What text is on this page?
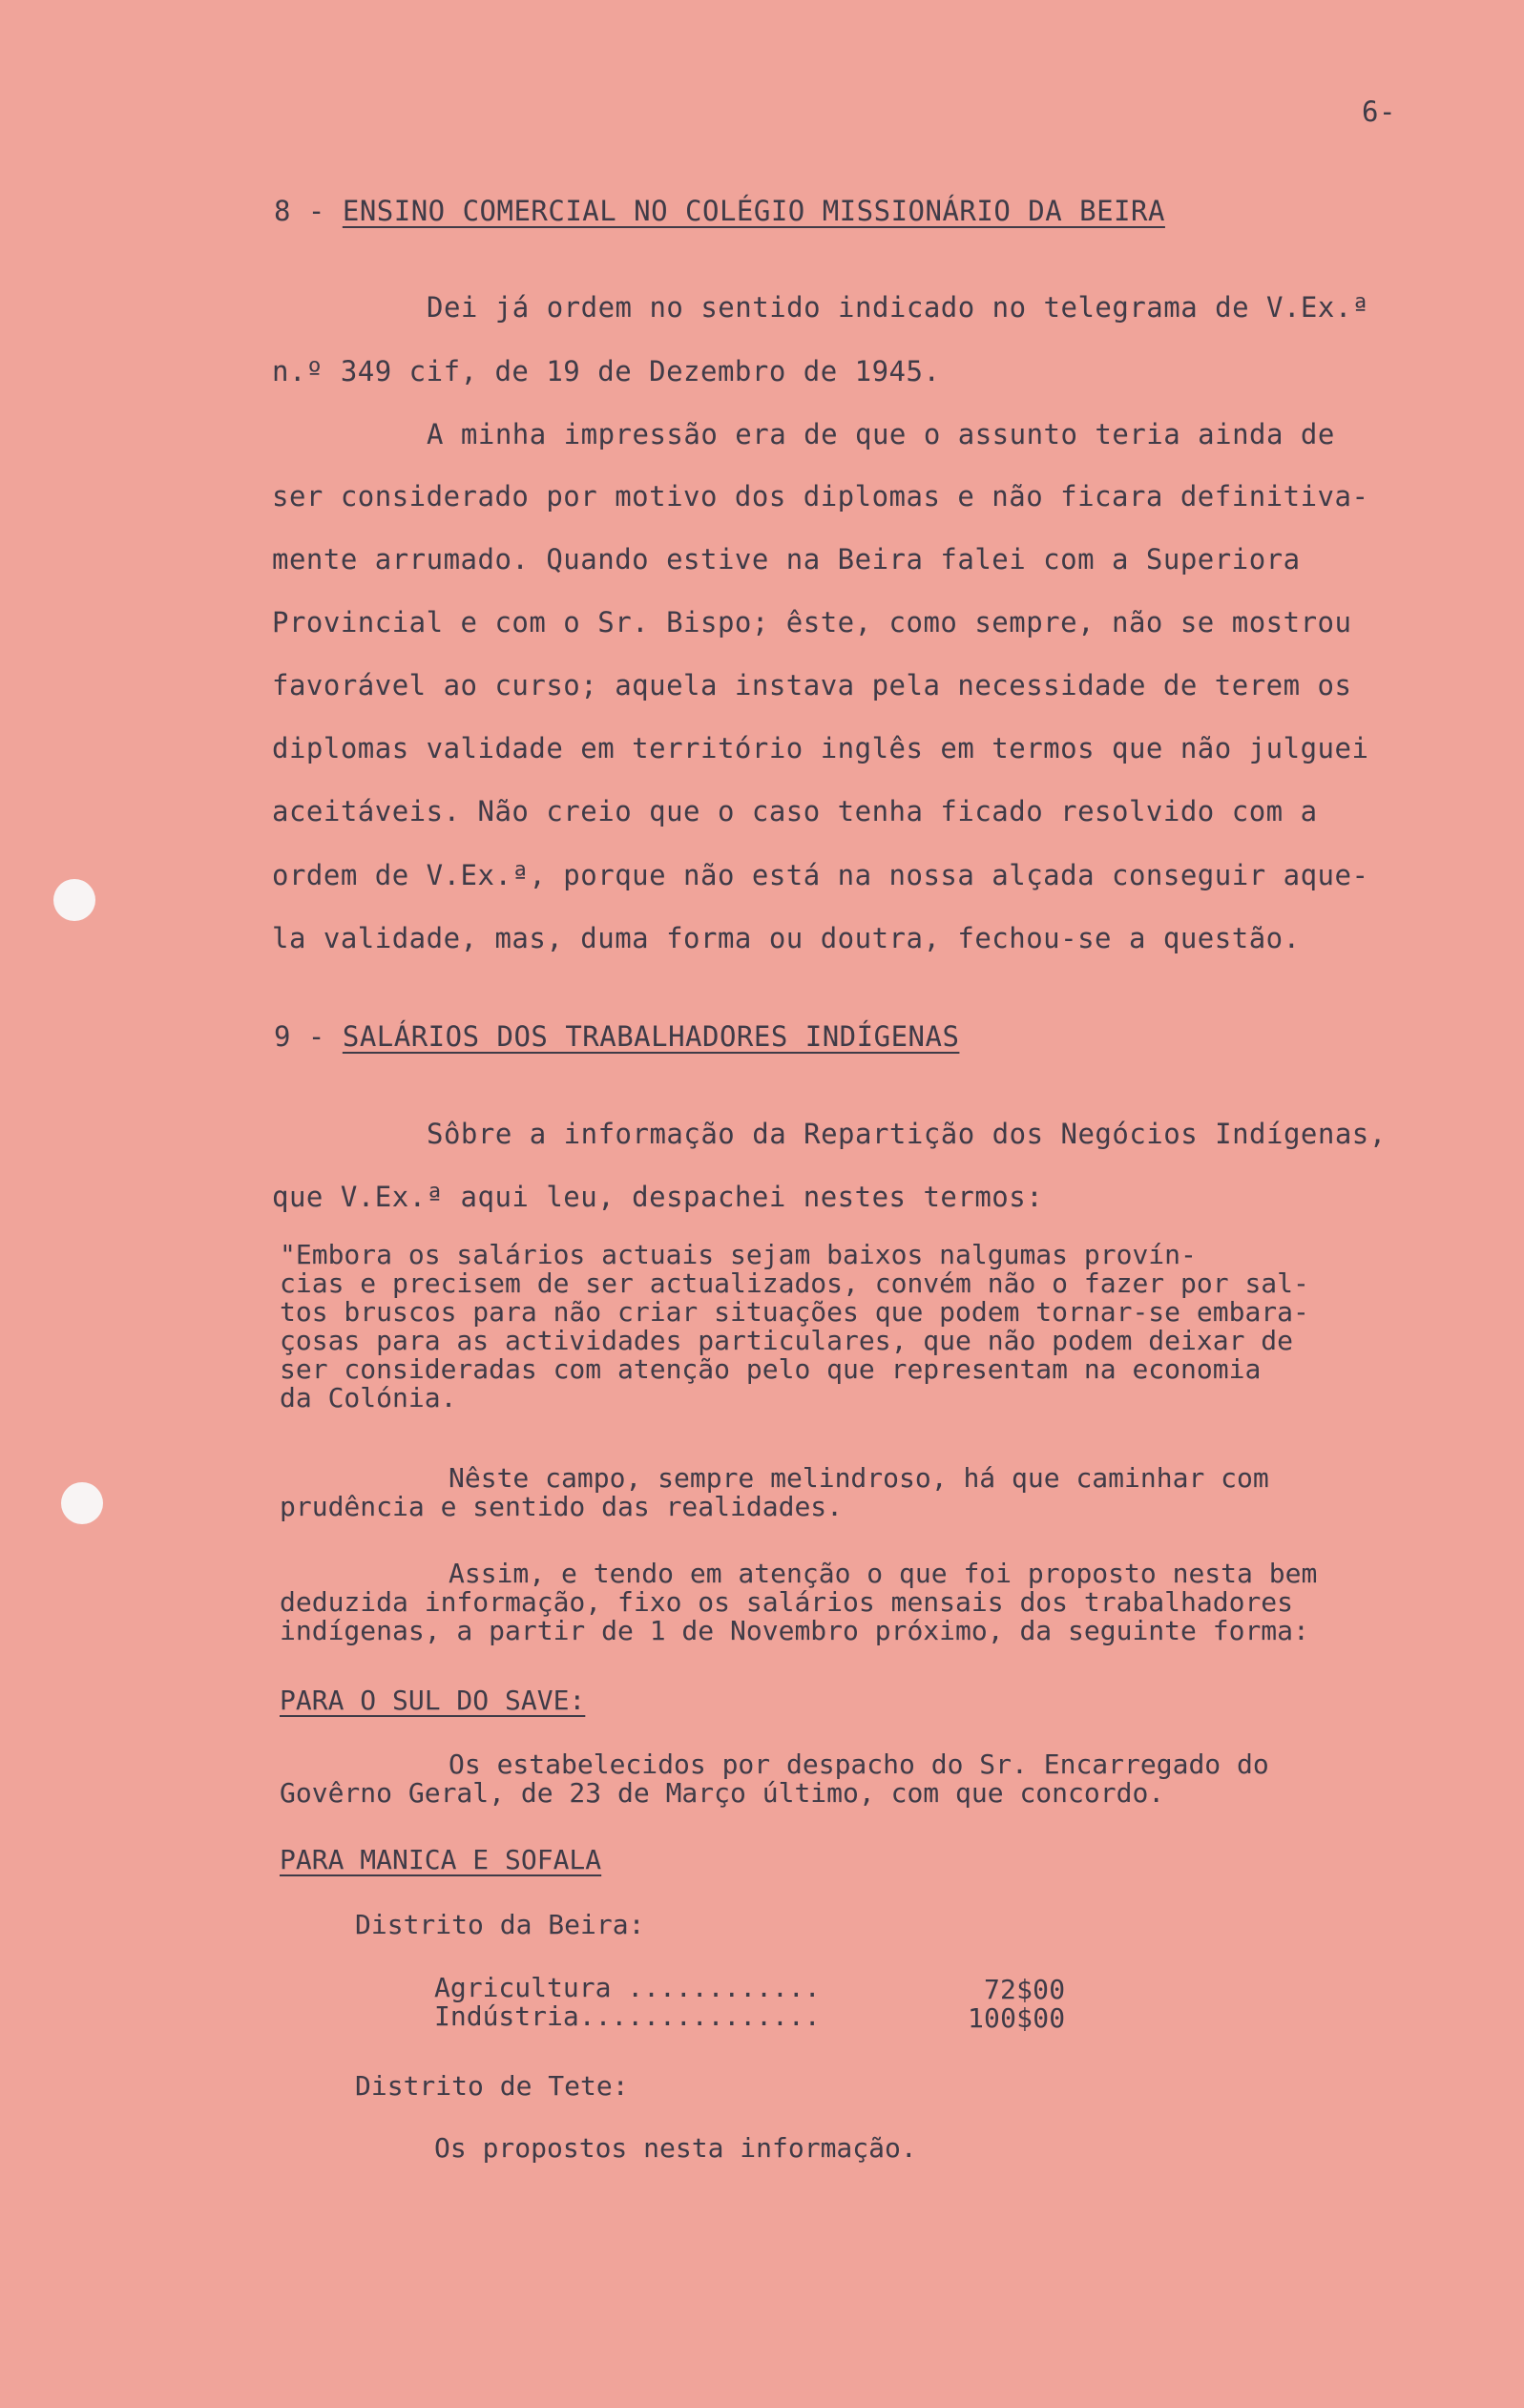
6-
8 - ENSINO COMERCIAL NO COLÉGIO MISSIONÁRIO DA BEIRA
Dei já ordem no sentido indicado no telegrama de V.Ex.ª
n.º 349 cif, de 19 de Dezembro de 1945.
A minha impressão era de que o assunto teria ainda de
ser considerado por motivo dos diplomas e não ficara definitiva-
mente arrumado. Quando estive na Beira falei com a Superiora
Provincial e com o Sr. Bispo; êste, como sempre, não se mostrou
favorável ao curso; aquela instava pela necessidade de terem os
diplomas validade em território inglês em termos que não julguei
aceitáveis. Não creio que o caso tenha ficado resolvido com a
ordem de V.Ex.ª, porque não está na nossa alçada conseguir aque-
la validade, mas, duma forma ou doutra, fechou-se a questão.
9 - SALÁRIOS DOS TRABALHADORES INDÍGENAS
Sôbre a informação da Repartição dos Negócios Indígenas,
que V.Ex.ª aqui leu, despachei nestes termos:
"Embora os salários actuais sejam baixos nalgumas provín-
cias e precisem de ser actualizados, convém não o fazer por sal-
tos bruscos para não criar situações que podem tornar-se embara-
çosas para as actividades particulares, que não podem deixar de
ser consideradas com atenção pelo que representam na economia
da Colónia.
Nêste campo, sempre melindroso, há que caminhar com
prudência e sentido das realidades.
Assim, e tendo em atenção o que foi proposto nesta bem
deduzida informação, fixo os salários mensais dos trabalhadores
indígenas, a partir de 1 de Novembro próximo, da seguinte forma:
PARA O SUL DO SAVE:
Os estabelecidos por despacho do Sr. Encarregado do
Govêrno Geral, de 23 de Março último, com que concordo.
PARA MANICA E SOFALA
Distrito da Beira:
Agricultura ............	72$00
Indústria...............	100$00
Distrito de Tete:
Os propostos nesta informação.
